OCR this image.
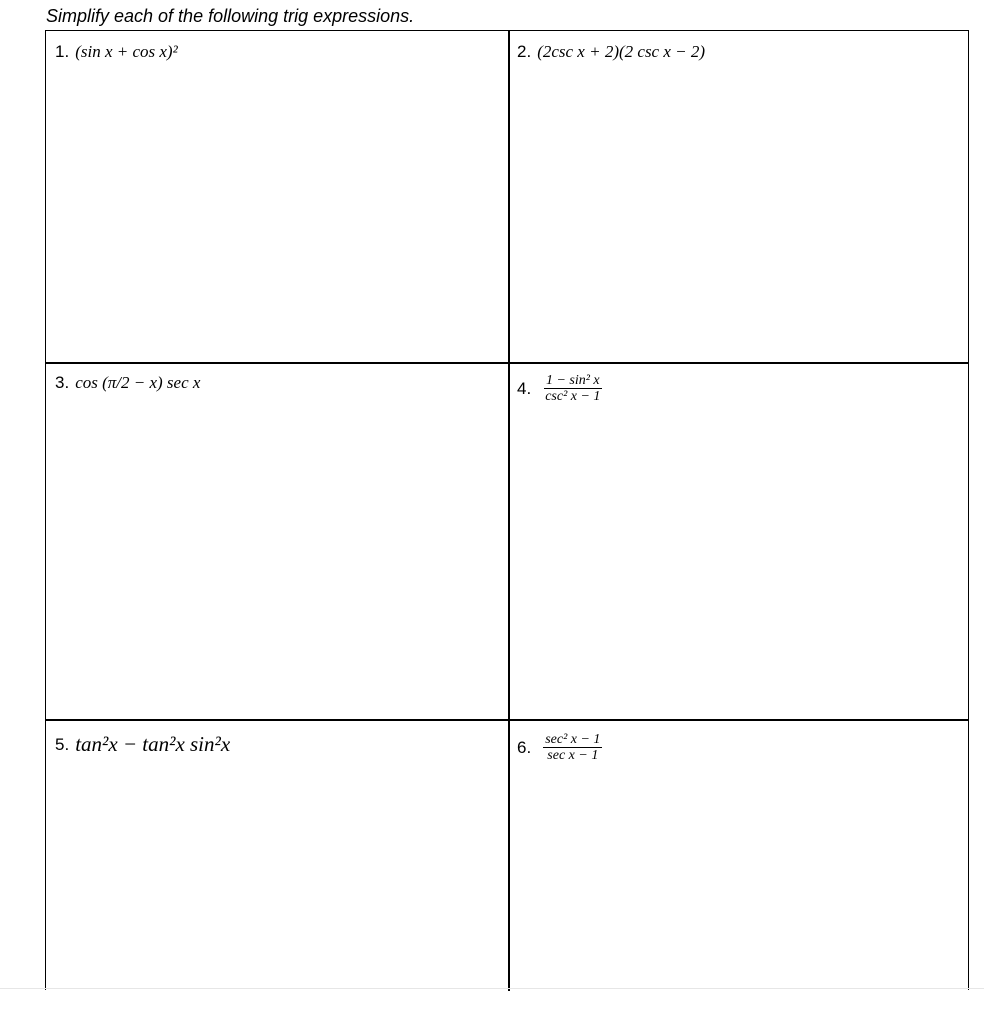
Simplify each of the following trig expressions.
1. (sin x + cos x)²	2. (2csc x + 2)(2 csc x − 2)
3. cos (π/2 − x) sec x	4. $\frac{\text{1 − sin² x}}{\text{csc² x − 1}}$
5. tan²x − tan²x sin²x	6. $\frac{\text{sec² x − 1}}{\text{sec x − 1}}$
